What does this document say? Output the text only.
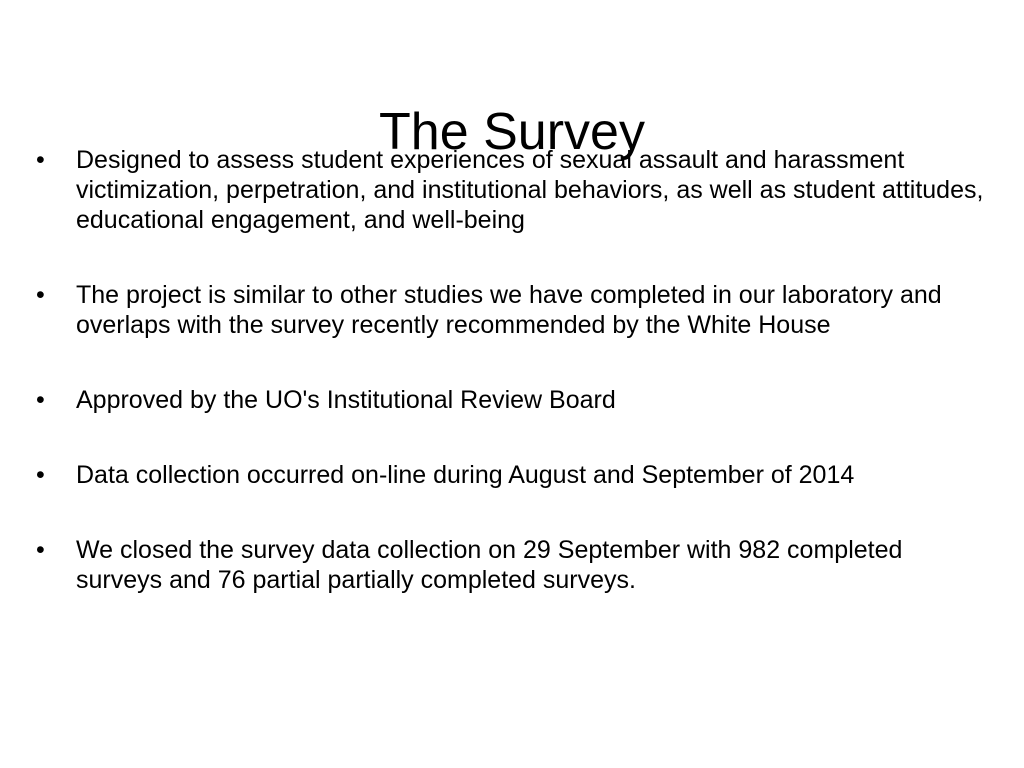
The Survey
•	Designed to assess student experiences of sexual assault and harassment victimization, perpetration, and institutional behaviors, as well as student attitudes, educational engagement, and well-being
•	The project is similar to other studies we have completed in our laboratory and overlaps with the survey recently recommended by the White House
•	Approved by the UO's Institutional Review Board
•	Data collection occurred on-line during August and September of 2014
•	We closed the survey data collection on 29 September with 982 completed surveys and 76 partial partially completed surveys.
